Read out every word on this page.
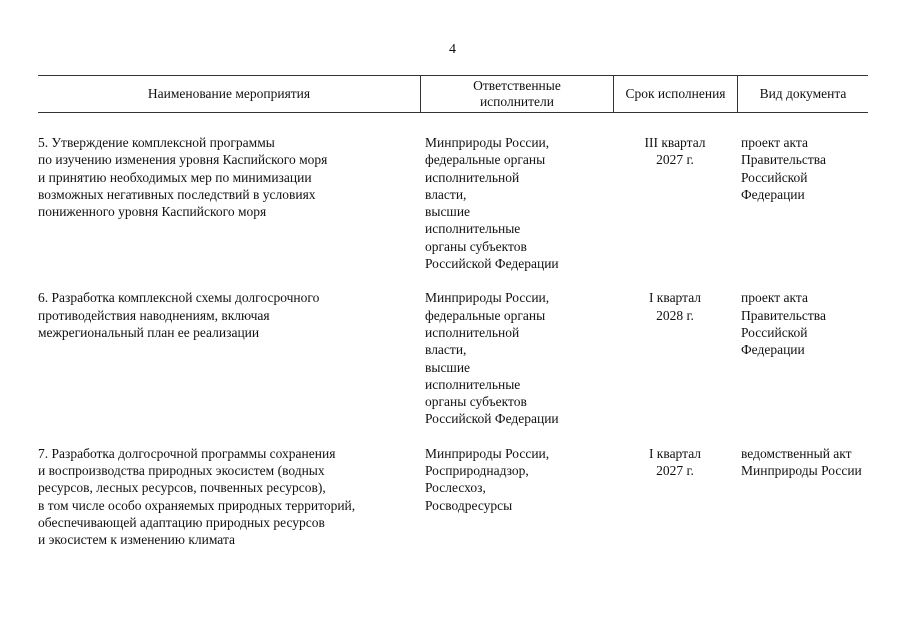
4
Наименование мероприятия
Ответственные
исполнители
Срок исполнения	Вид документа
5. Утверждение комплексной программы
по изучению изменения уровня Каспийского моря
и принятию необходимых мер по минимизации
возможных негативных последствий в условиях
пониженного уровня Каспийского моря
Минприроды России,
федеральные органы
исполнительной
власти,
высшие
исполнительные
органы субъектов
Российской Федерации
III квартал
2027 г.
проект акта
Правительства
Российской Федерации
6. Разработка комплексной схемы долгосрочного
противодействия наводнениям, включая
межрегиональный план ее реализации
Минприроды России,
федеральные органы
исполнительной
власти,
высшие
исполнительные
органы субъектов
Российской Федерации
I квартал
2028 г.
проект акта
Правительства
Российской Федерации
7. Разработка долгосрочной программы сохранения
и воспроизводства природных экосистем (водных
ресурсов, лесных ресурсов, почвенных ресурсов),
в том числе особо охраняемых природных территорий,
обеспечивающей адаптацию природных ресурсов
и экосистем к изменению климата
Минприроды России,
Росприроднадзор,
Рослесхоз,
Росводресурсы
I квартал
2027 г.
ведомственный акт
Минприроды России
